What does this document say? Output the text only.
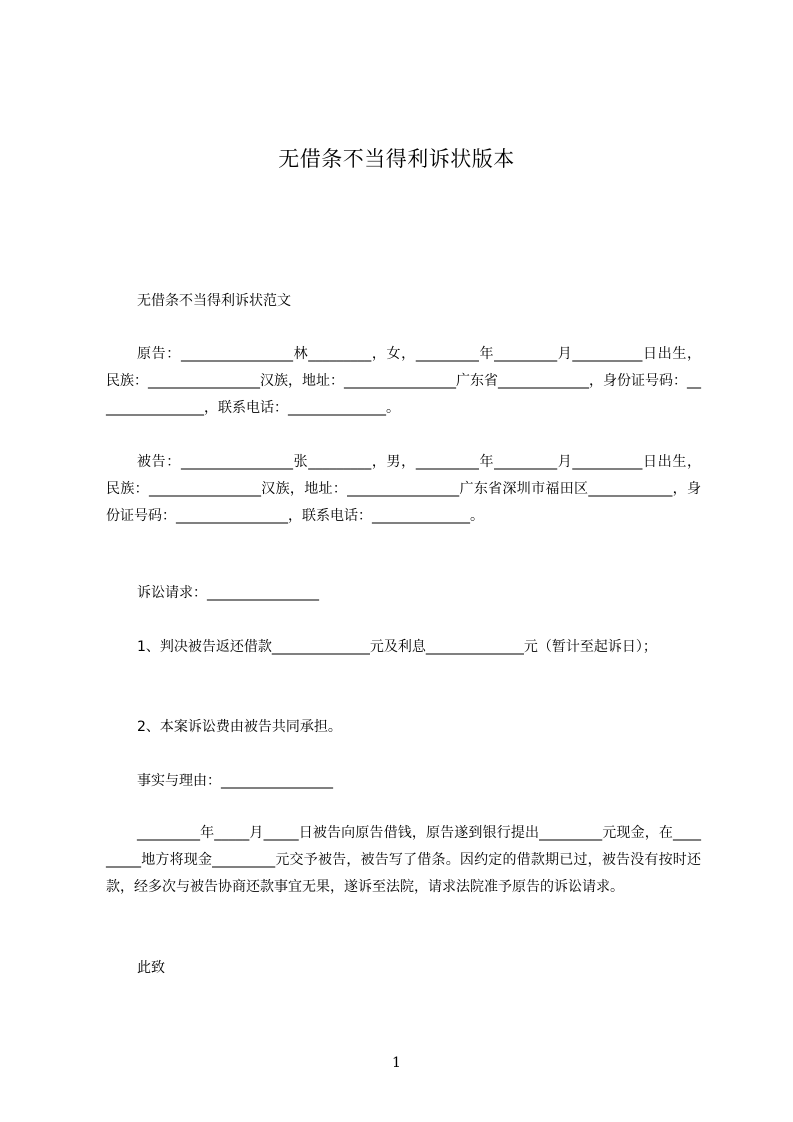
无借条不当得利诉状版本
无借条不当得利诉状范文
原告：________________林_________，女，_________年_________月__________日出生，民族：________________汉族，地址：________________广东省_____________，身份证号码：________________，联系电话：______________。
被告：________________张_________，男，_________年_________月__________日出生，民族：________________汉族，地址：________________广东省深圳市福田区____________，身份证号码：________________，联系电话：______________。
诉讼请求：________________
1、判决被告返还借款______________元及利息______________元（暂计至起诉日）；
2、本案诉讼费由被告共同承担。
事实与理由：________________
_________年_____月_____日被告向原告借钱，原告遂到银行提出_________元现金，在_________地方将现金_________元交予被告，被告写了借条。因约定的借款期已过，被告没有按时还款，经多次与被告协商还款事宜无果，遂诉至法院，请求法院准予原告的诉讼请求。
此致
1
